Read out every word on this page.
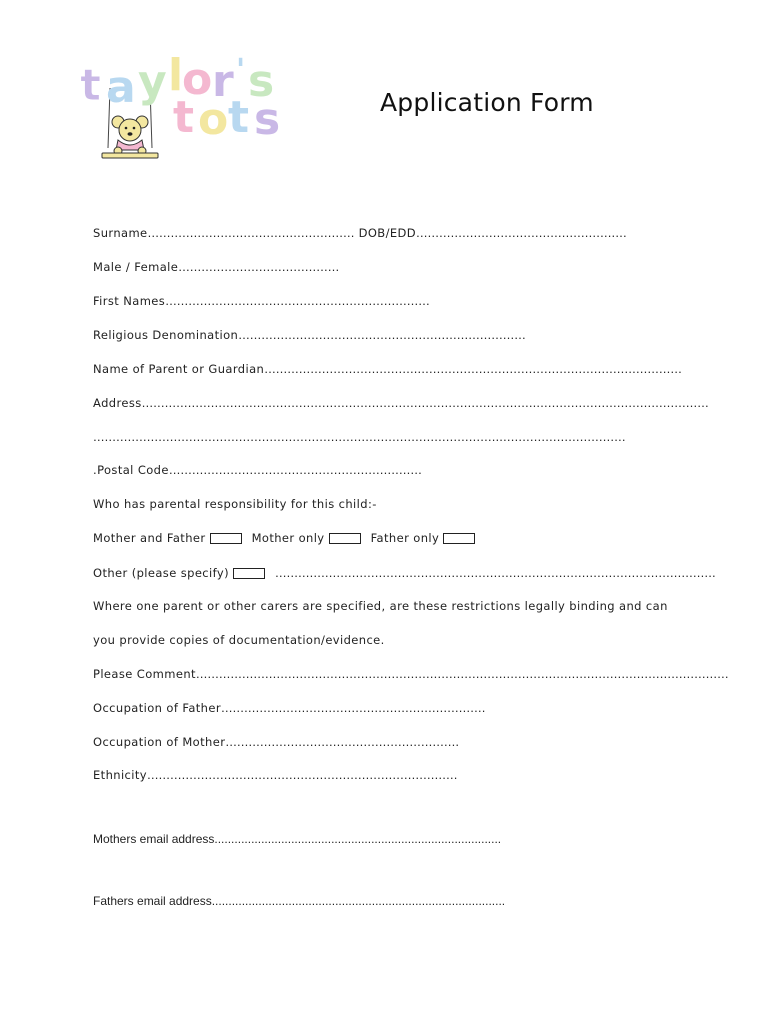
t a y l
o r ' s
t o t s	Application Form
Surname……………………………………………… DOB/EDD…………………………………………….…
Male / Female……………………………………
First Names……………………………………………………………
Religious Denomination…………………………………………………………………
Name of Parent or Guardian………………………………….……………………………………………………………
Address………………………………………………………………………………………….………………………………………
…………………………………………………………………………………………….……………………………
.Postal Code…………………………………………………………
Who has parental responsibility for this child:-
Mother and Father	Mother only	Father only
Other (please specify)	…………………………………………………………………………………………………….
Where one parent or other carers are specified, are these restrictions legally binding and can
you provide copies of documentation/evidence.
Please Comment………………………………………………………………………………………….………………………………
Occupation of Father……………………………………………………………
Occupation of Mother…………………………………………………….
Ethnicity………………………………………………………………………
Mothers email address......................................................................................
Fathers email address........................................................................................
